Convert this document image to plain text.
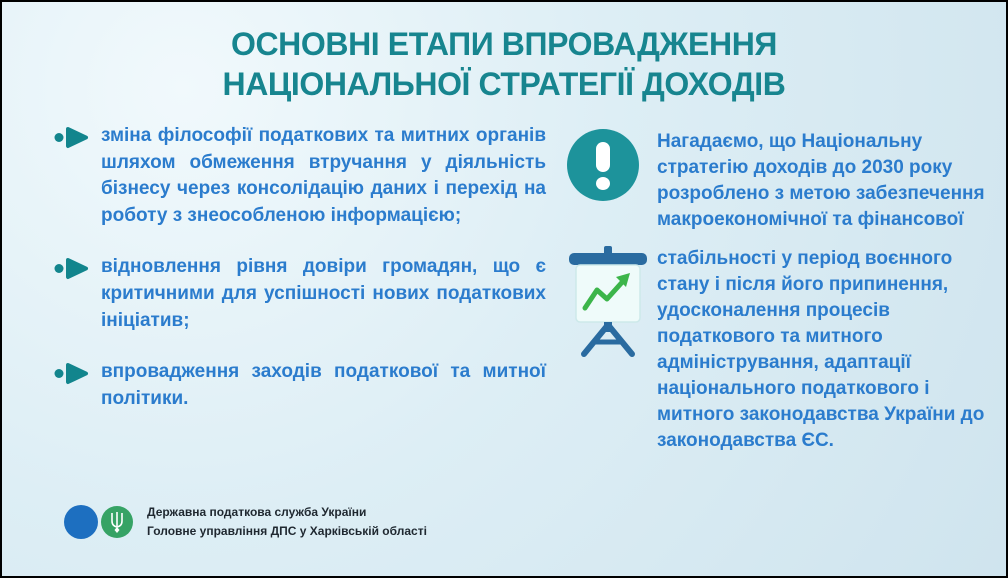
ОСНОВНІ ЕТАПИ ВПРОВАДЖЕННЯ
НАЦІОНАЛЬНОЇ СТРАТЕГІЇ ДОХОДІВ
зміна філософії податкових та митних органів шляхом обмеження втручання у діяльність бізнесу через консолідацію даних і перехід на роботу з знеособленою інформацією;
відновлення рівня довіри громадян, що є критичними для успішності нових податкових ініціатив;
впровадження заходів податкової та митної політики.
Нагадаємо, що Національну стратегію доходів до 2030 року розроблено з метою забезпечення макроекономічної та фінансової
стабільності у період воєнного стану і після його припинення, удосконалення процесів податкового та митного адміністрування, адаптації національного податкового і митного законодавства України до законодавства ЄС.
Державна податкова служба України
Головне управління ДПС у Харківській області
